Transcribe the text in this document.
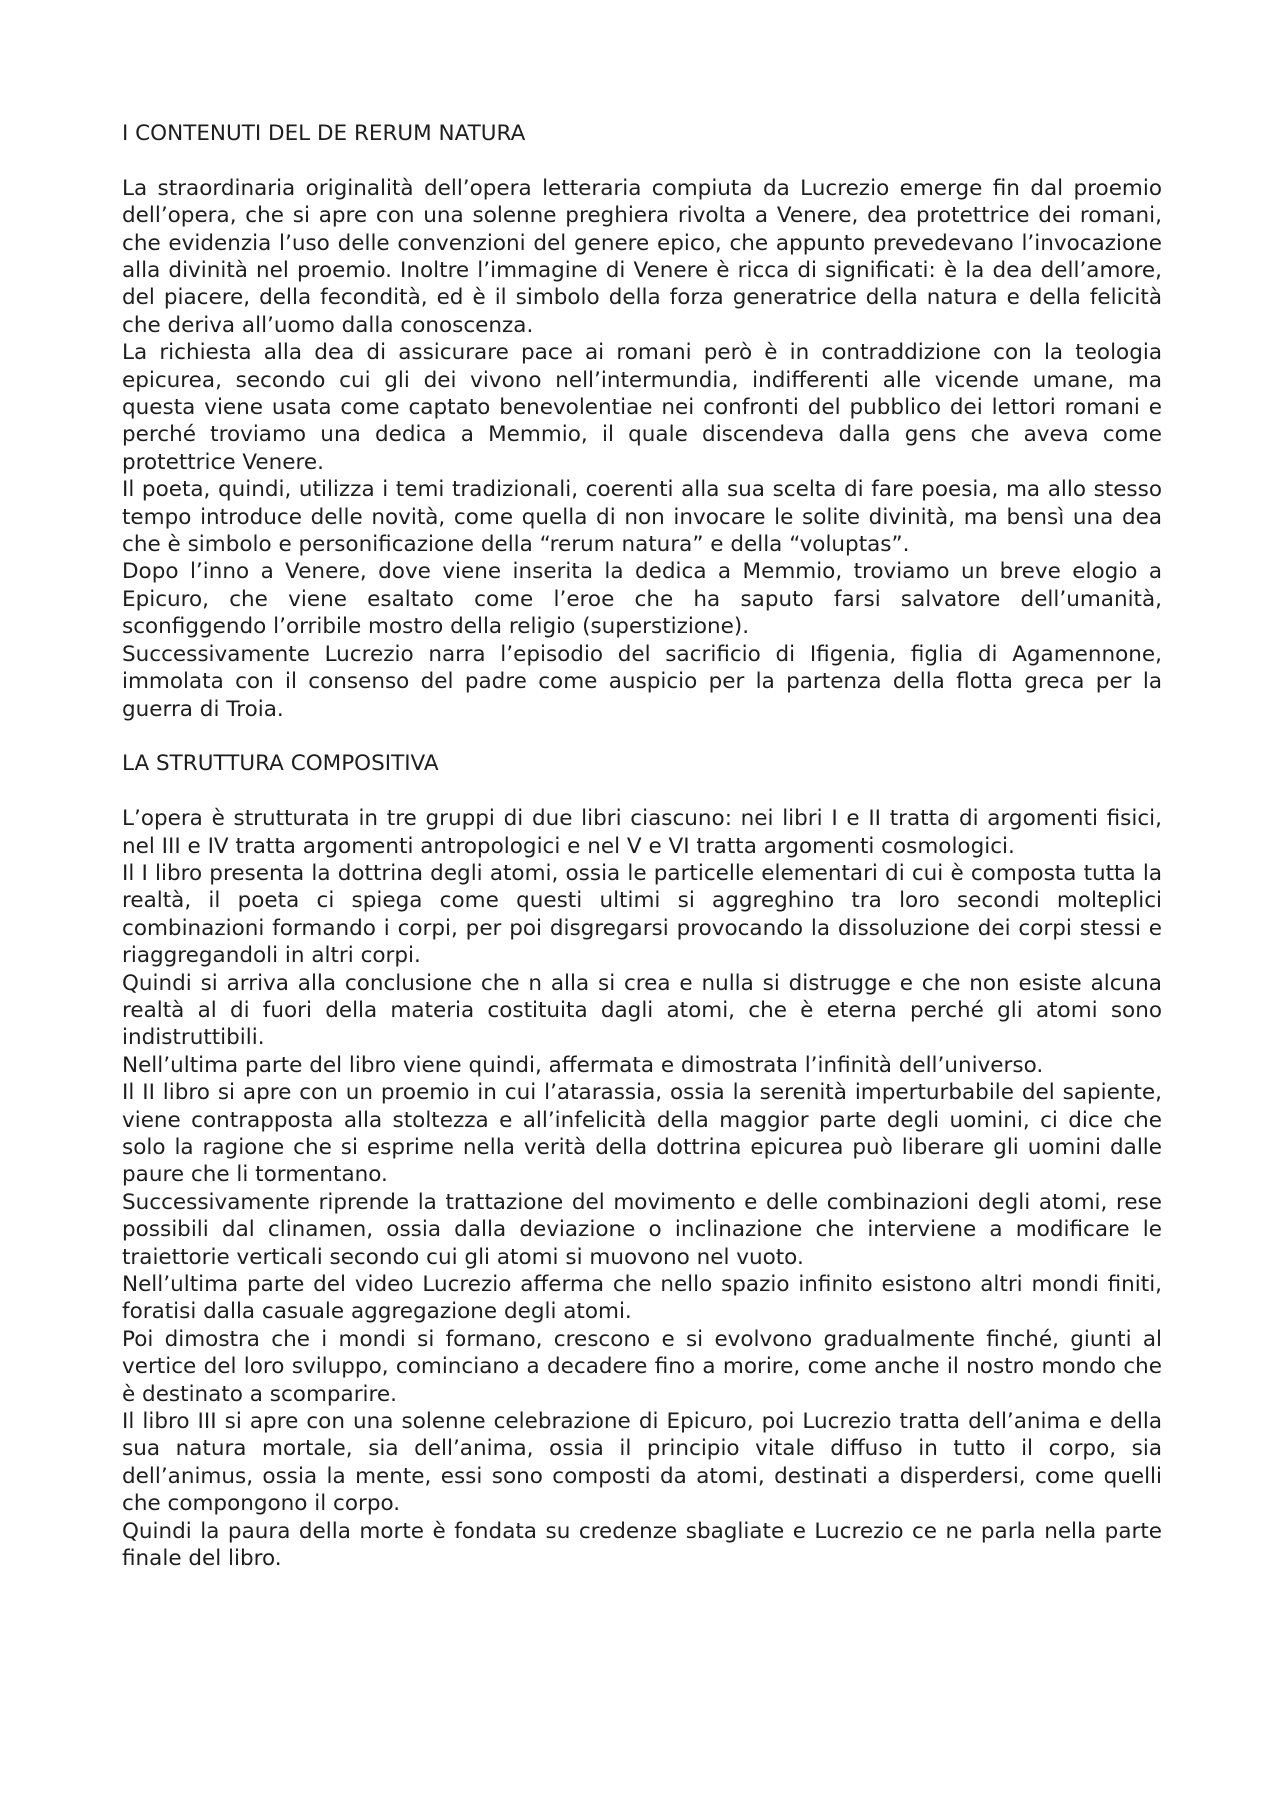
I CONTENUTI DEL DE RERUM NATURA

La straordinaria originalità dell’opera letteraria compiuta da Lucrezio emerge fin dal proemio dell’opera, che si apre con una solenne preghiera rivolta a Venere, dea protettrice dei romani, che evidenzia l’uso delle convenzioni del genere epico, che appunto prevedevano l’invocazione alla divinità nel proemio. Inoltre l’immagine di Venere è ricca di significati: è la dea dell’amore, del piacere, della fecondità, ed è il simbolo della forza generatrice della natura e della felicità che deriva all’uomo dalla conoscenza.

La richiesta alla dea di assicurare pace ai romani però è in contraddizione con la teologia epicurea, secondo cui gli dei vivono nell’intermundia, indifferenti alle vicende umane, ma questa viene usata come captato benevolentiae nei confronti del pubblico dei lettori romani e perché troviamo una dedica a Memmio, il quale discendeva dalla gens che aveva come protettrice Venere.

Il poeta, quindi, utilizza i temi tradizionali, coerenti alla sua scelta di fare poesia, ma allo stesso tempo introduce delle novità, come quella di non invocare le solite divinità, ma bensì una dea che è simbolo e personificazione della “rerum natura” e della “voluptas”.

Dopo l’inno a Venere, dove viene inserita la dedica a Memmio, troviamo un breve elogio a Epicuro, che viene esaltato come l’eroe che ha saputo farsi salvatore dell’umanità, sconfiggendo l’orribile mostro della religio (superstizione).

Successivamente Lucrezio narra l’episodio del sacrificio di Ifigenia, figlia di Agamennone, immolata con il consenso del padre come auspicio per la partenza della flotta greca per la guerra di Troia.

LA STRUTTURA COMPOSITIVA

L’opera è strutturata in tre gruppi di due libri ciascuno: nei libri I e II tratta di argomenti fisici, nel III e IV tratta argomenti antropologici e nel V e VI tratta argomenti cosmologici.

Il I libro presenta la dottrina degli atomi, ossia le particelle elementari di cui è composta tutta la realtà, il poeta ci spiega come questi ultimi si aggreghino tra loro secondi molteplici combinazioni formando i corpi, per poi disgregarsi provocando la dissoluzione dei corpi stessi e riaggregandoli in altri corpi.

Quindi si arriva alla conclusione che n alla si crea e nulla si distrugge e che non esiste alcuna realtà al di fuori della materia costituita dagli atomi, che è eterna perché gli atomi sono indistruttibili.

Nell’ultima parte del libro viene quindi, affermata e dimostrata l’infinità dell’universo.

Il II libro si apre con un proemio in cui l’atarassia, ossia la serenità imperturbabile del sapiente, viene contrapposta alla stoltezza e all’infelicità della maggior parte degli uomini, ci dice che solo la ragione che si esprime nella verità della dottrina epicurea può liberare gli uomini dalle paure che li tormentano.

Successivamente riprende la trattazione del movimento e delle combinazioni degli atomi, rese possibili dal clinamen, ossia dalla deviazione o inclinazione che interviene a modificare le traiettorie verticali secondo cui gli atomi si muovono nel vuoto.

Nell’ultima parte del video Lucrezio afferma che nello spazio infinito esistono altri mondi finiti, foratisi dalla casuale aggregazione degli atomi.

Poi dimostra che i mondi si formano, crescono e si evolvono gradualmente finché, giunti al vertice del loro sviluppo, cominciano a decadere fino a morire, come anche il nostro mondo che è destinato a scomparire.

Il libro III si apre con una solenne celebrazione di Epicuro, poi Lucrezio tratta dell’anima e della sua natura mortale, sia dell’anima, ossia il principio vitale diffuso in tutto il corpo, sia dell’animus, ossia la mente, essi sono composti da atomi, destinati a disperdersi, come quelli che compongono il corpo.

Quindi la paura della morte è fondata su credenze sbagliate e Lucrezio ce ne parla nella parte finale del libro.
